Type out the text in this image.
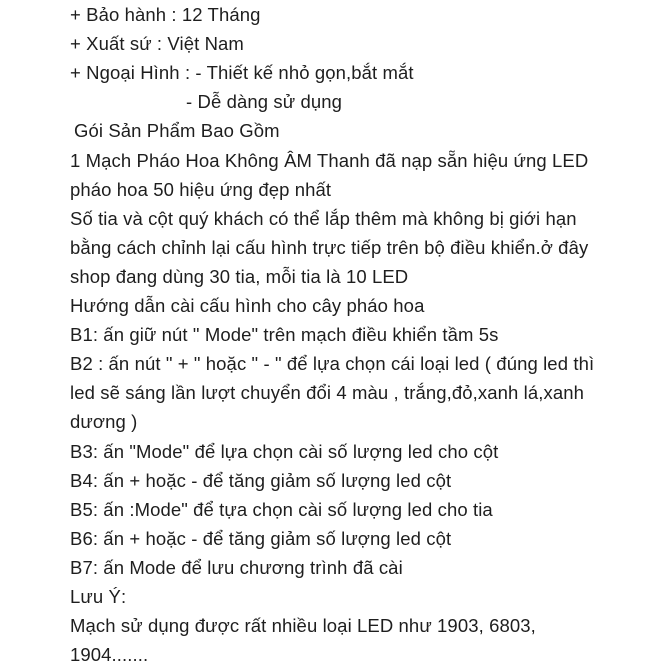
+ Bảo hành : 12 Tháng
+ Xuất sứ : Việt Nam
+ Ngoại Hình : - Thiết kế nhỏ gọn,bắt mắt
- Dễ dàng sử dụng
Gói Sản Phẩm Bao Gồm
1 Mạch Pháo Hoa Không ÂM Thanh đã nạp sẵn hiệu ứng LED
pháo hoa 50 hiệu ứng đẹp nhất
Số tia và cột quý khách có thể lắp thêm mà không bị giới hạn
bằng cách chỉnh lại cấu hình trực tiếp trên bộ điều khiển.ở đây
shop đang dùng 30 tia, mỗi tia là 10 LED
Hướng dẫn cài cấu hình cho cây pháo hoa
B1: ấn giữ nút " Mode" trên mạch điều khiển tầm 5s
B2 : ấn nút " + " hoặc " - " để lựa chọn cái loại led ( đúng led thì
led sẽ sáng lần lượt chuyển đổi 4 màu , trắng,đỏ,xanh lá,xanh
dương )
B3: ấn "Mode" để lựa chọn cài số lượng led cho cột
B4: ấn + hoặc - để tăng giảm số lượng led cột
B5: ấn :Mode" để tựa chọn cài số lượng led cho tia
B6: ấn + hoặc - để tăng giảm số lượng led cột
B7: ấn Mode để lưu chương trình đã cài
Lưu Ý:
Mạch sử dụng được rất nhiều loại LED như 1903, 6803,
1904.......
